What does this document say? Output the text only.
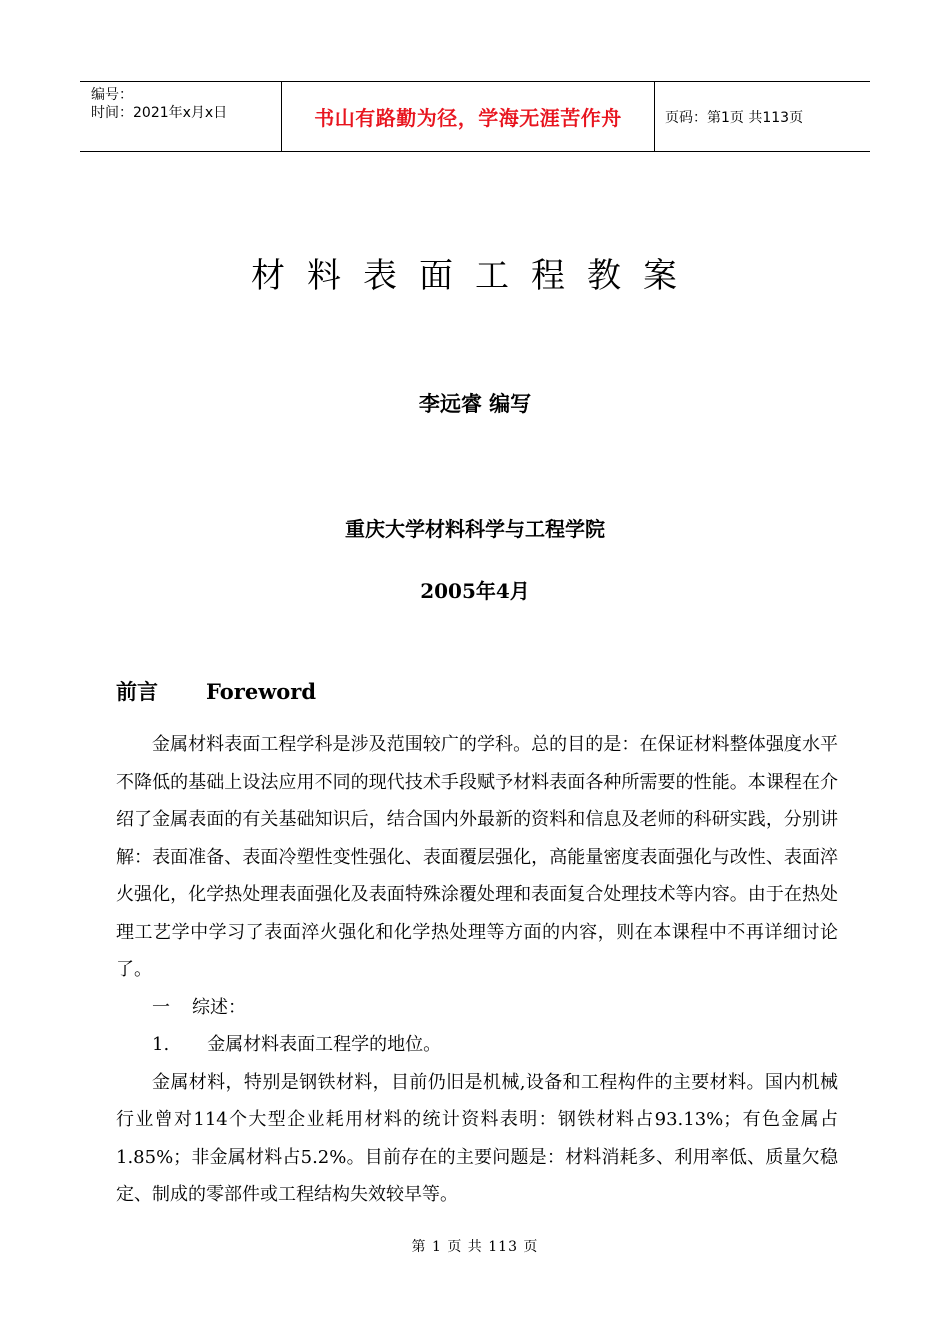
编号：
时间：2021年x月x日	书山有路勤为径，学海无涯苦作舟	页码：第1页 共113页
材料表面工程教案
李远睿 编写
重庆大学材料科学与工程学院
2005年4月
前言 Foreword

金属材料表面工程学科是涉及范围较广的学科。总的目的是：在保证材料整体强度水平不降低的基础上设法应用不同的现代技术手段赋予材料表面各种所需要的性能。本课程在介绍了金属表面的有关基础知识后，结合国内外最新的资料和信息及老师的科研实践，分别讲解：表面准备、表面冷塑性变性强化、表面覆层强化，高能量密度表面强化与改性、表面淬火强化，化学热处理表面强化及表面特殊涂覆处理和表面复合处理技术等内容。由于在热处理工艺学中学习了表面淬火强化和化学热处理等方面的内容，则在本课程中不再详细讨论了。

一 综述：

1. 金属材料表面工程学的地位。

金属材料，特别是钢铁材料，目前仍旧是机械,设备和工程构件的主要材料。国内机械行业曾对114个大型企业耗用材料的统计资料表明：钢铁材料占93.13%；有色金属占1.85%；非金属材料占5.2%。目前存在的主要问题是：材料消耗多、利用率低、质量欠稳定、制成的零部件或工程结构失效较早等。

第 1 页 共 113 页
